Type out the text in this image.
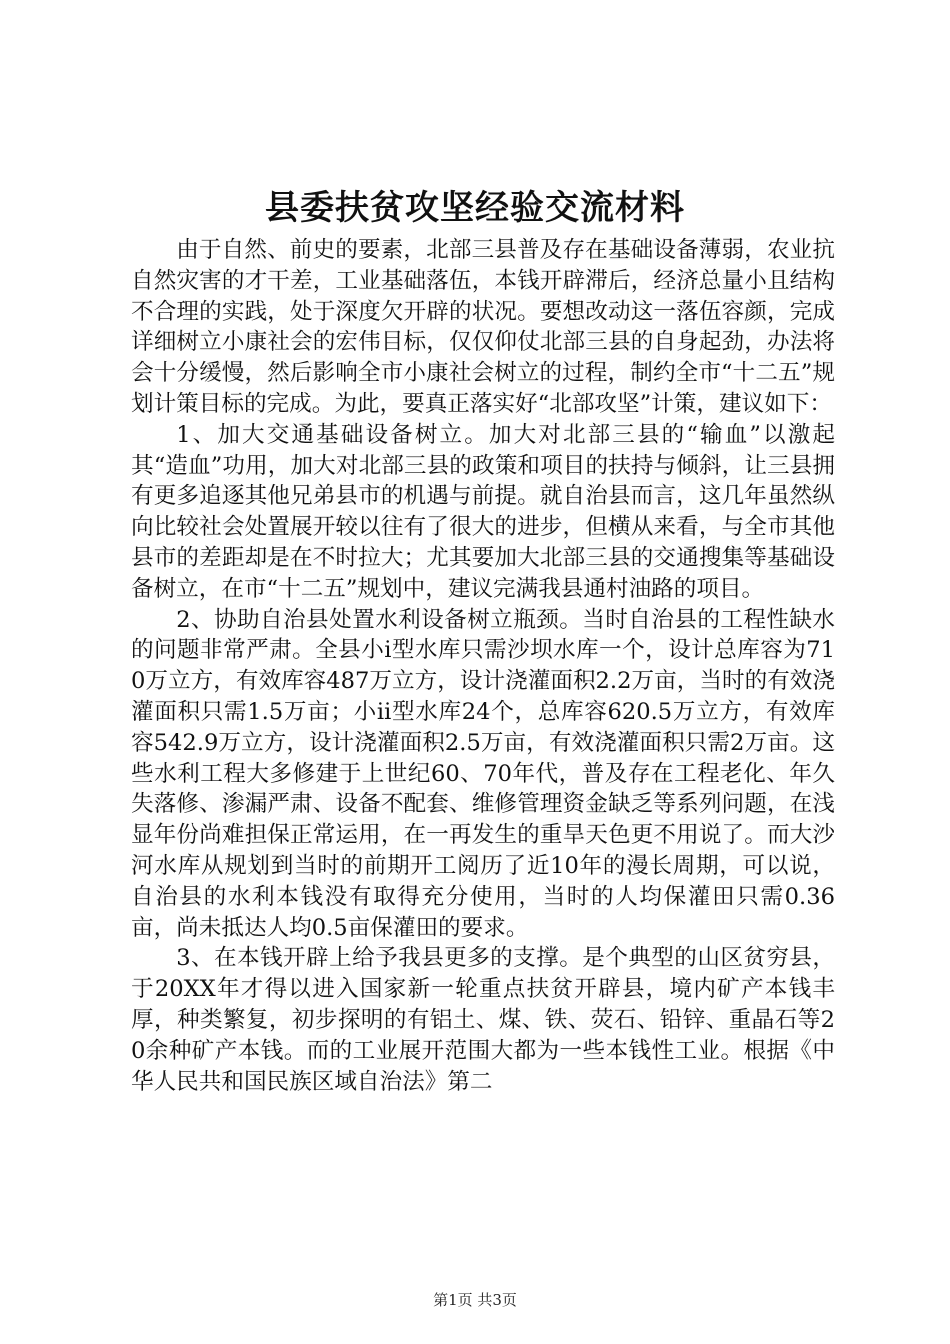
县委扶贫攻坚经验交流材料

由于自然、前史的要素，北部三县普及存在基础设备薄弱，农业抗自然灾害的才干差，工业基础落伍，本钱开辟滞后，经济总量小且结构不合理的实践，处于深度欠开辟的状况。要想改动这一落伍容颜，完成详细树立小康社会的宏伟目标，仅仅仰仗北部三县的自身起劲，办法将会十分缓慢，然后影响全市小康社会树立的过程，制约全市“十二五”规划计策目标的完成。为此，要真正落实好“北部攻坚”计策，建议如下：

1、加大交通基础设备树立。加大对北部三县的“输血”以激起其“造血”功用，加大对北部三县的政策和项目的扶持与倾斜，让三县拥有更多追逐其他兄弟县市的机遇与前提。就自治县而言，这几年虽然纵向比较社会处置展开较以往有了很大的进步，但横从来看，与全市其他县市的差距却是在不时拉大；尤其要加大北部三县的交通搜集等基础设备树立，在市“十二五”规划中，建议完满我县通村油路的项目。

2、协助自治县处置水利设备树立瓶颈。当时自治县的工程性缺水的问题非常严肃。全县小ⅰ型水库只需沙坝水库一个，设计总库容为710万立方，有效库容487万立方，设计浇灌面积2.2万亩，当时的有效浇灌面积只需1.5万亩；小ⅱ型水库24个，总库容620.5万立方，有效库容542.9万立方，设计浇灌面积2.5万亩，有效浇灌面积只需2万亩。这些水利工程大多修建于上世纪60、70年代，普及存在工程老化、年久失落修、渗漏严肃、设备不配套、维修管理资金缺乏等系列问题，在浅显年份尚难担保正常运用，在一再发生的重旱天色更不用说了。而大沙河水库从规划到当时的前期开工阅历了近10年的漫长周期，可以说，自治县的水利本钱没有取得充分使用，当时的人均保灌田只需0.36亩，尚未抵达人均0.5亩保灌田的要求。

3、在本钱开辟上给予我县更多的支撑。是个典型的山区贫穷县，于20XX年才得以进入国家新一轮重点扶贫开辟县，境内矿产本钱丰厚，种类繁复，初步探明的有铝土、煤、铁、荧石、铅锌、重晶石等20余种矿产本钱。而的工业展开范围大都为一些本钱性工业。根据《中华人民共和国民族区域自治法》第二

第1页 共3页
